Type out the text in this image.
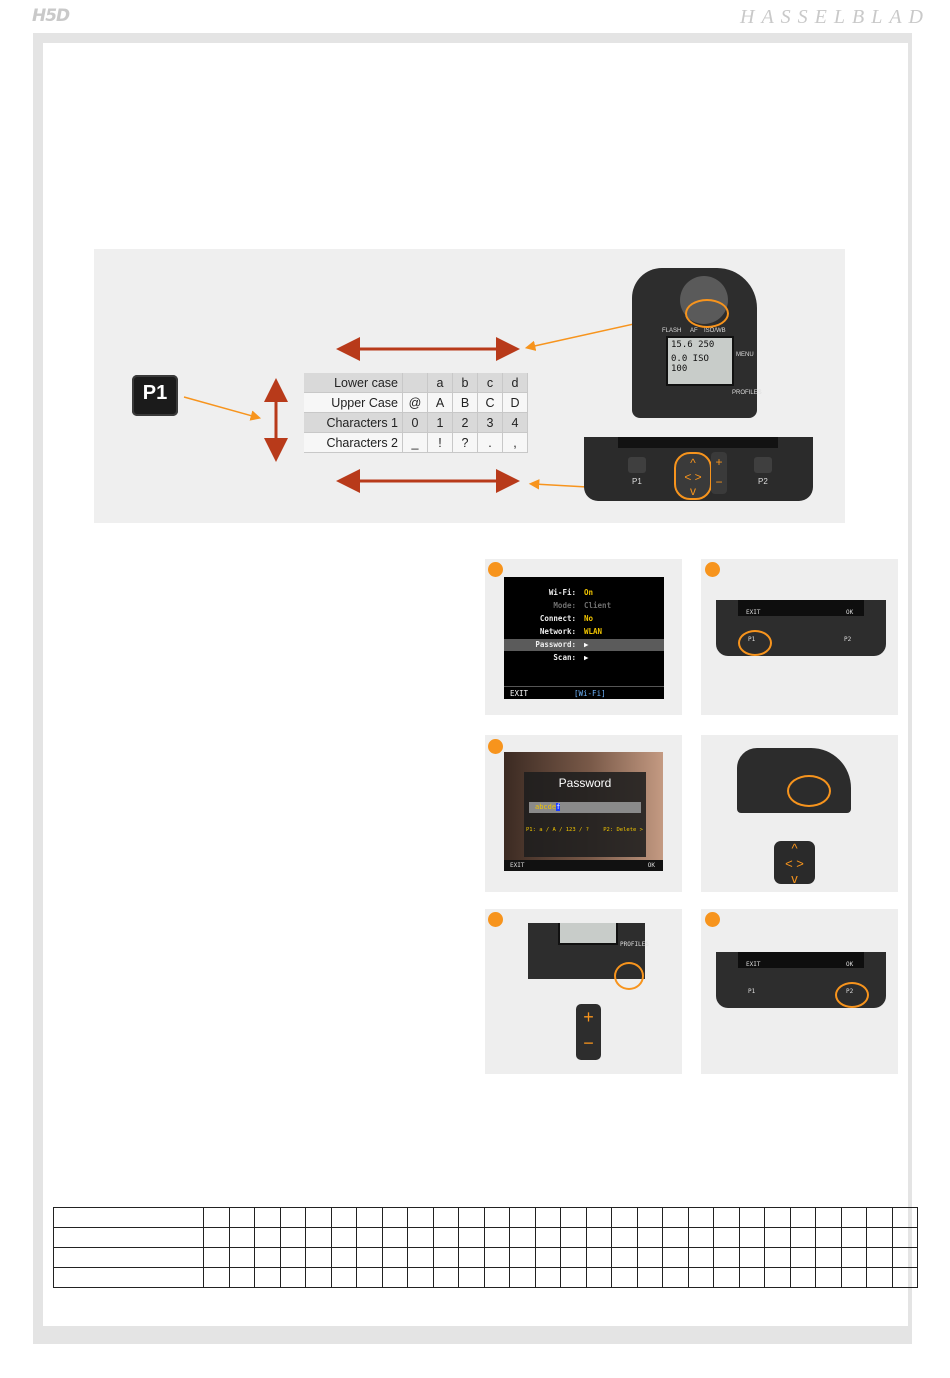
H5D	HASSELBLAD
P1	Lower case		a	b	c	d
Upper Case	@	A	B	C	D
Characters 1	0	1	2	3	4
Characters 2	_	!	?	.	,
15.6 250
0.0 ISO 100
FLASH AF ISO/WB
PROFILES
MENU
P1	P2
^
< >
v
+
−
Wi-Fi: On
Mode: Client
Connect: No
Network: WLAN
Password: ▶
Scan: ▶
EXIT	[Wi-Fi]
EXIT	OK
P1	P2
Password
abcdef
P1: a / A / 123 / ?	P2: Delete >
EXIT	OK
^
< >
v
PROFILES
+
−
EXIT	OK
P1	P2
